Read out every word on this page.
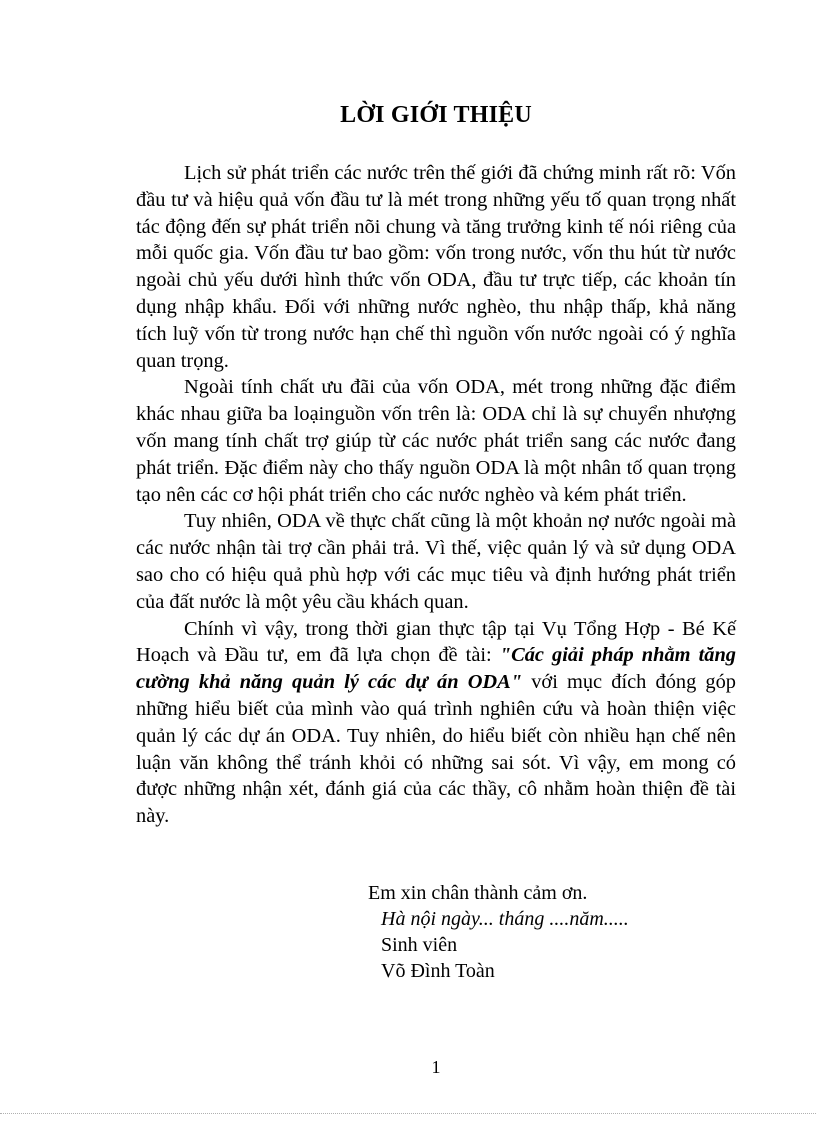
LỜI GIỚI THIỆU

Lịch sử phát triển các nước trên thế giới đã chứng minh rất rõ: Vốn đầu tư và hiệu quả vốn đầu tư là mét trong những yếu tố quan trọng nhất tác động đến sự phát triển nõi chung và tăng trưởng kinh tế nói riêng của mỗi quốc gia. Vốn đầu tư bao gồm: vốn trong nước, vốn thu hút từ nước ngoài chủ yếu dưới hình thức vốn ODA, đầu tư trực tiếp, các khoản tín dụng nhập khẩu. Đối với những nước nghèo, thu nhập thấp, khả năng tích luỹ vốn từ trong nước hạn chế thì nguồn vốn nước ngoài có ý nghĩa quan trọng.

Ngoài tính chất ưu đãi của vốn ODA, mét trong những đặc điểm khác nhau giữa ba loạinguồn vốn trên là: ODA chỉ là sự chuyển nhượng vốn mang tính chất trợ giúp từ các nước phát triển sang các nước đang phát triển. Đặc điểm này cho thấy nguồn ODA là một nhân tố quan trọng tạo nên các cơ hội phát triển cho các nước nghèo và kém phát triển.

Tuy nhiên, ODA về thực chất cũng là một khoản nợ nước ngoài mà các nước nhận tài trợ cần phải trả. Vì thế, việc quản lý và sử dụng ODA sao cho có hiệu quả phù hợp với các mục tiêu và định hướng phát triển của đất nước là một yêu cầu khách quan.

Chính vì vậy, trong thời gian thực tập tại Vụ Tổng Hợp - Bé Kế Hoạch và Đầu tư, em đã lựa chọn đề tài: "Các giải pháp nhằm tăng cường khả năng quản lý các dự án ODA" với mục đích đóng góp những hiểu biết của mình vào quá trình nghiên cứu và hoàn thiện việc quản lý các dự án ODA. Tuy nhiên, do hiểu biết còn nhiều hạn chế nên luận văn không thể tránh khỏi có những sai sót. Vì vậy, em mong có được những nhận xét, đánh giá của các thầy, cô nhằm hoàn thiện đề tài này.

Em xin chân thành cảm ơn.
Hà nội ngày... tháng ....năm.....
Sinh viên
Võ Đình Toàn
1
